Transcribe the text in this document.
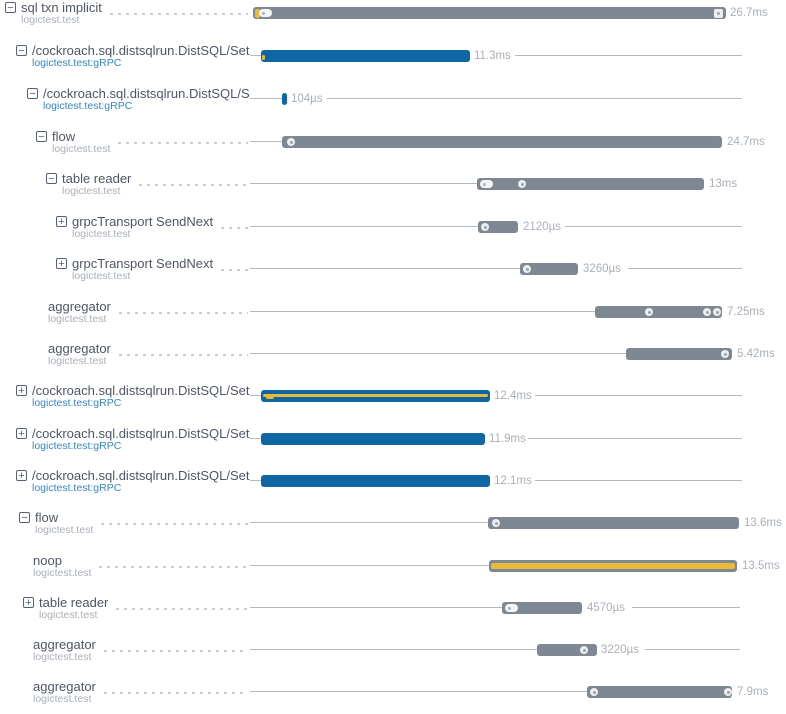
− sql txn implicit
logictest.test
26.7ms
− /cockroach.sql.distsqlrun.DistSQL/Set
logictest.test:gRPC
11.3ms
− /cockroach.sql.distsqlrun.DistSQL/S
logictest.test:gRPC
104µs
− flow
logictest.test
24.7ms
− table reader
logictest.test
13ms
+ grpcTransport SendNext
logictest.test
2120µs
+ grpcTransport SendNext
logictest.test
3260µs
aggregator
logictest.test
7.25ms
aggregator
logictest.test
5.42ms
+ /cockroach.sql.distsqlrun.DistSQL/Set
logictest.test:gRPC
12.4ms
+ /cockroach.sql.distsqlrun.DistSQL/Set
logictest.test:gRPC
11.9ms
+ /cockroach.sql.distsqlrun.DistSQL/Set
logictest.test:gRPC
12.1ms
− flow
logictest.test
13.6ms
noop
logictest.test
13.5ms
+ table reader
logictest.test
4570µs
aggregator
logictest.test
3220µs
aggregator
logictest.test
7.9ms
